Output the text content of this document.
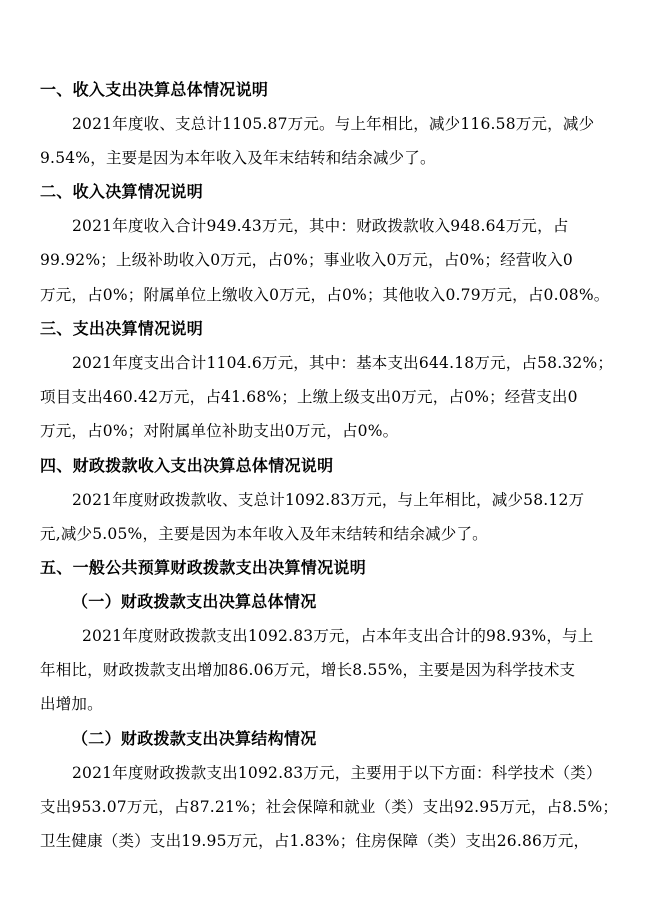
一、收入支出决算总体情况说明
2021年度收、支总计1105.87万元。与上年相比，减少116.58万元，减少
9.54%，主要是因为本年收入及年末结转和结余减少了。
二、收入决算情况说明
2021年度收入合计949.43万元，其中：财政拨款收入948.64万元，占
99.92%；上级补助收入0万元，占0%；事业收入0万元，占0%；经营收入0
万元，占0%；附属单位上缴收入0万元，占0%；其他收入0.79万元，占0.08%。
三、支出决算情况说明
2021年度支出合计1104.6万元，其中：基本支出644.18万元，占58.32%；
项目支出460.42万元，占41.68%；上缴上级支出0万元，占0%；经营支出0
万元，占0%；对附属单位补助支出0万元，占0%。
四、财政拨款收入支出决算总体情况说明
2021年度财政拨款收、支总计1092.83万元，与上年相比，减少58.12万
元,减少5.05%，主要是因为本年收入及年末结转和结余减少了。
五、一般公共预算财政拨款支出决算情况说明
（一）财政拨款支出决算总体情况
2021年度财政拨款支出1092.83万元，占本年支出合计的98.93%，与上
年相比，财政拨款支出增加86.06万元，增长8.55%，主要是因为科学技术支
出增加。
（二）财政拨款支出决算结构情况
2021年度财政拨款支出1092.83万元，主要用于以下方面：科学技术（类）
支出953.07万元，占87.21%；社会保障和就业（类）支出92.95万元，占8.5%；
卫生健康（类）支出19.95万元，占1.83%；住房保障（类）支出26.86万元，
